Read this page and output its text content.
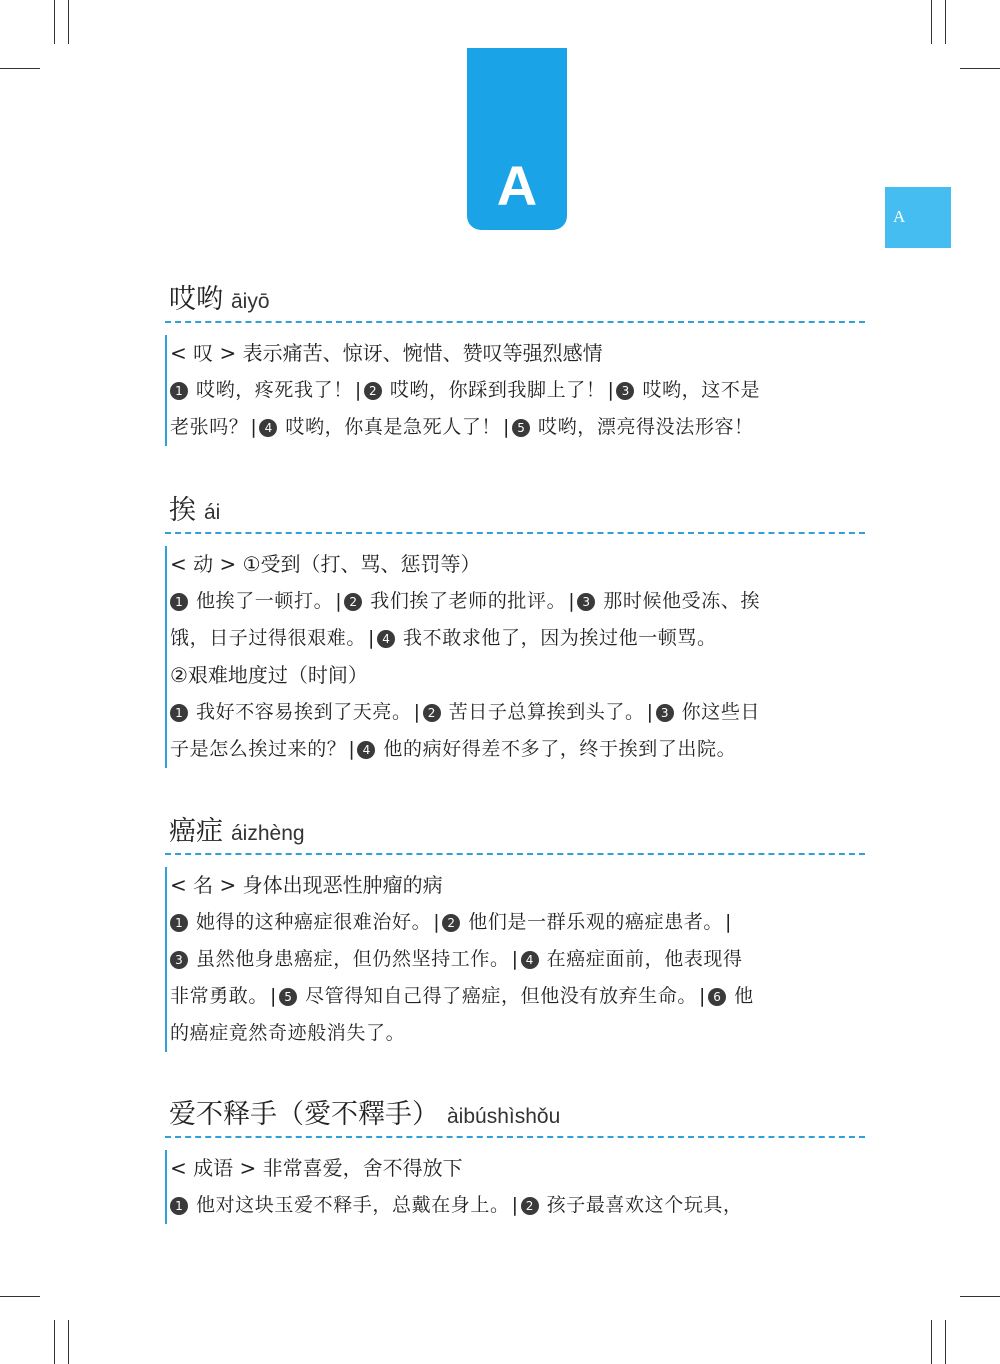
A	A
哎哟 āiyō
< 叹 > 表示痛苦、惊讶、惋惜、赞叹等强烈感情
1 哎哟，疼死我了！ | 2 哎哟，你踩到我脚上了！ | 3 哎哟，这不是
老张吗？ | 4 哎哟，你真是急死人了！ | 5 哎哟，漂亮得没法形容！
挨 ái
< 动 > ①受到（打、骂、惩罚等）
1 他挨了一顿打。 | 2 我们挨了老师的批评。 | 3 那时候他受冻、挨
饿，日子过得很艰难。 | 4 我不敢求他了，因为挨过他一顿骂。
②艰难地度过（时间）
1 我好不容易挨到了天亮。 | 2 苦日子总算挨到头了。 | 3 你这些日
子是怎么挨过来的？ | 4 他的病好得差不多了，终于挨到了出院。
癌症 áizhèng
< 名 > 身体出现恶性肿瘤的病
1 她得的这种癌症很难治好。 | 2 他们是一群乐观的癌症患者。 |
3 虽然他身患癌症，但仍然坚持工作。 | 4 在癌症面前，他表现得
非常勇敢。 | 5 尽管得知自己得了癌症，但他没有放弃生命。 | 6 他
的癌症竟然奇迹般消失了。
爱不释手（愛不釋手） àibúshìshǒu
< 成语 > 非常喜爱，舍不得放下
1 他对这块玉爱不释手，总戴在身上。 | 2 孩子最喜欢这个玩具，
